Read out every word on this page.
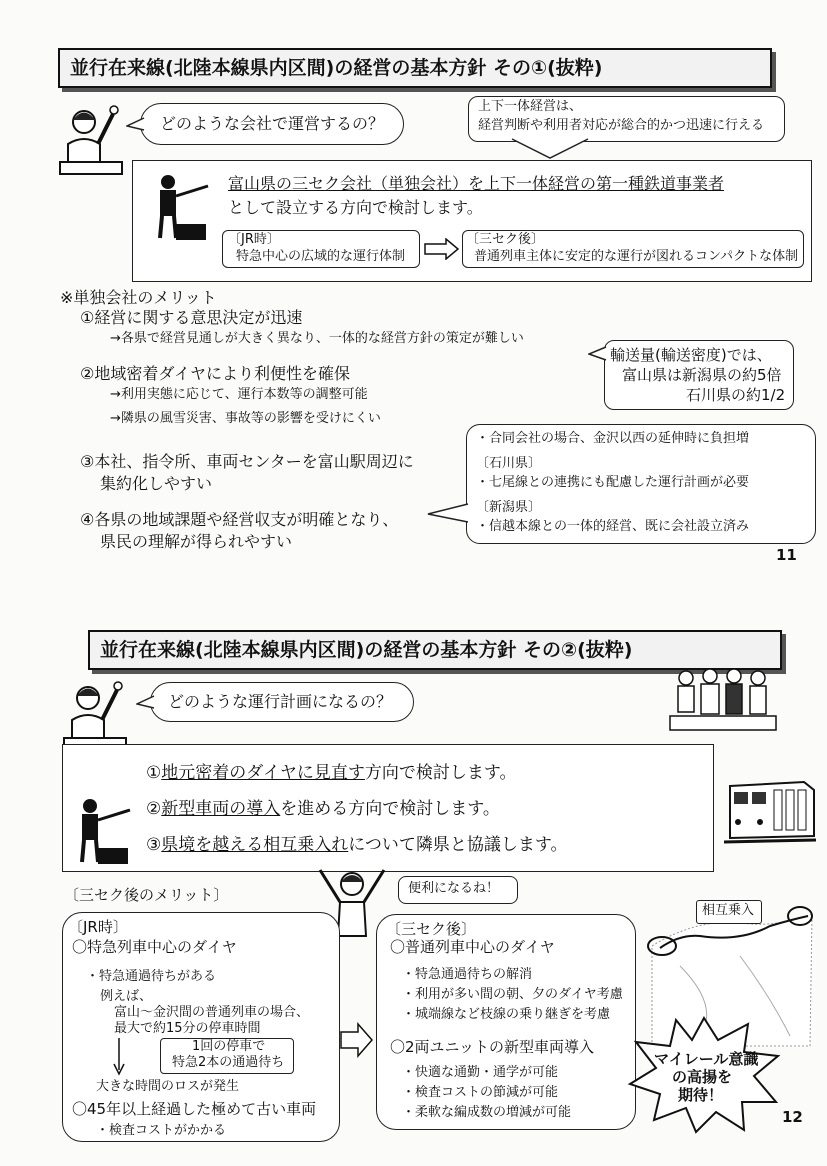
並行在来線(北陸本線県内区間)の経営の基本方針 その①(抜粋)
どのような会社で運営するの？
上下一体経営は、
経営判断や利用者対応が総合的かつ迅速に行える
富山県の三セク会社（単独会社）を上下一体経営の第一種鉄道事業者
として設立する方向で検討します。
〔JR時〕
特急中心の広域的な運行体制
〔三セク後〕
普通列車主体に安定的な運行が図れるコンパクトな体制
※単独会社のメリット
①経営に関する意思決定が迅速
→各県で経営見通しが大きく異なり、一体的な経営方針の策定が難しい
②地域密着ダイヤにより利便性を確保
→利用実態に応じて、運行本数等の調整可能
→隣県の風雪災害、事故等の影響を受けにくい
③本社、指令所、車両センターを富山駅周辺に
集約化しやすい
④各県の地域課題や経営収支が明確となり、
県民の理解が得られやすい
輸送量(輸送密度)では、
富山県は新潟県の約5倍
石川県の約1/2
・合同会社の場合、金沢以西の延伸時に負担増
〔石川県〕
・七尾線との連携にも配慮した運行計画が必要
〔新潟県〕
・信越本線との一体的経営、既に会社設立済み
11
並行在来線(北陸本線県内区間)の経営の基本方針 その②(抜粋)
どのような運行計画になるの？
①地元密着のダイヤに見直す方向で検討します。
②新型車両の導入を進める方向で検討します。
③県境を越える相互乗入れについて隣県と協議します。
〔三セク後のメリット〕	便利になるね！
〔JR時〕
〇特急列車中心のダイヤ
・特急通過待ちがある
例えば、
富山～金沢間の普通列車の場合、
最大で約15分の停車時間
1回の停車で
特急2本の通過待ち
大きな時間のロスが発生
〇45年以上経過した極めて古い車両
・検査コストがかかる
〔三セク後〕
〇普通列車中心のダイヤ
・特急通過待ちの解消
・利用が多い間の朝、夕のダイヤ考慮
・城端線など枝線の乗り継ぎを考慮
〇2両ユニットの新型車両導入
・快適な通勤・通学が可能
・検査コストの節減が可能
・柔軟な編成数の増減が可能
相互乗入
マイレール意識
の高揚を
期待！
12
